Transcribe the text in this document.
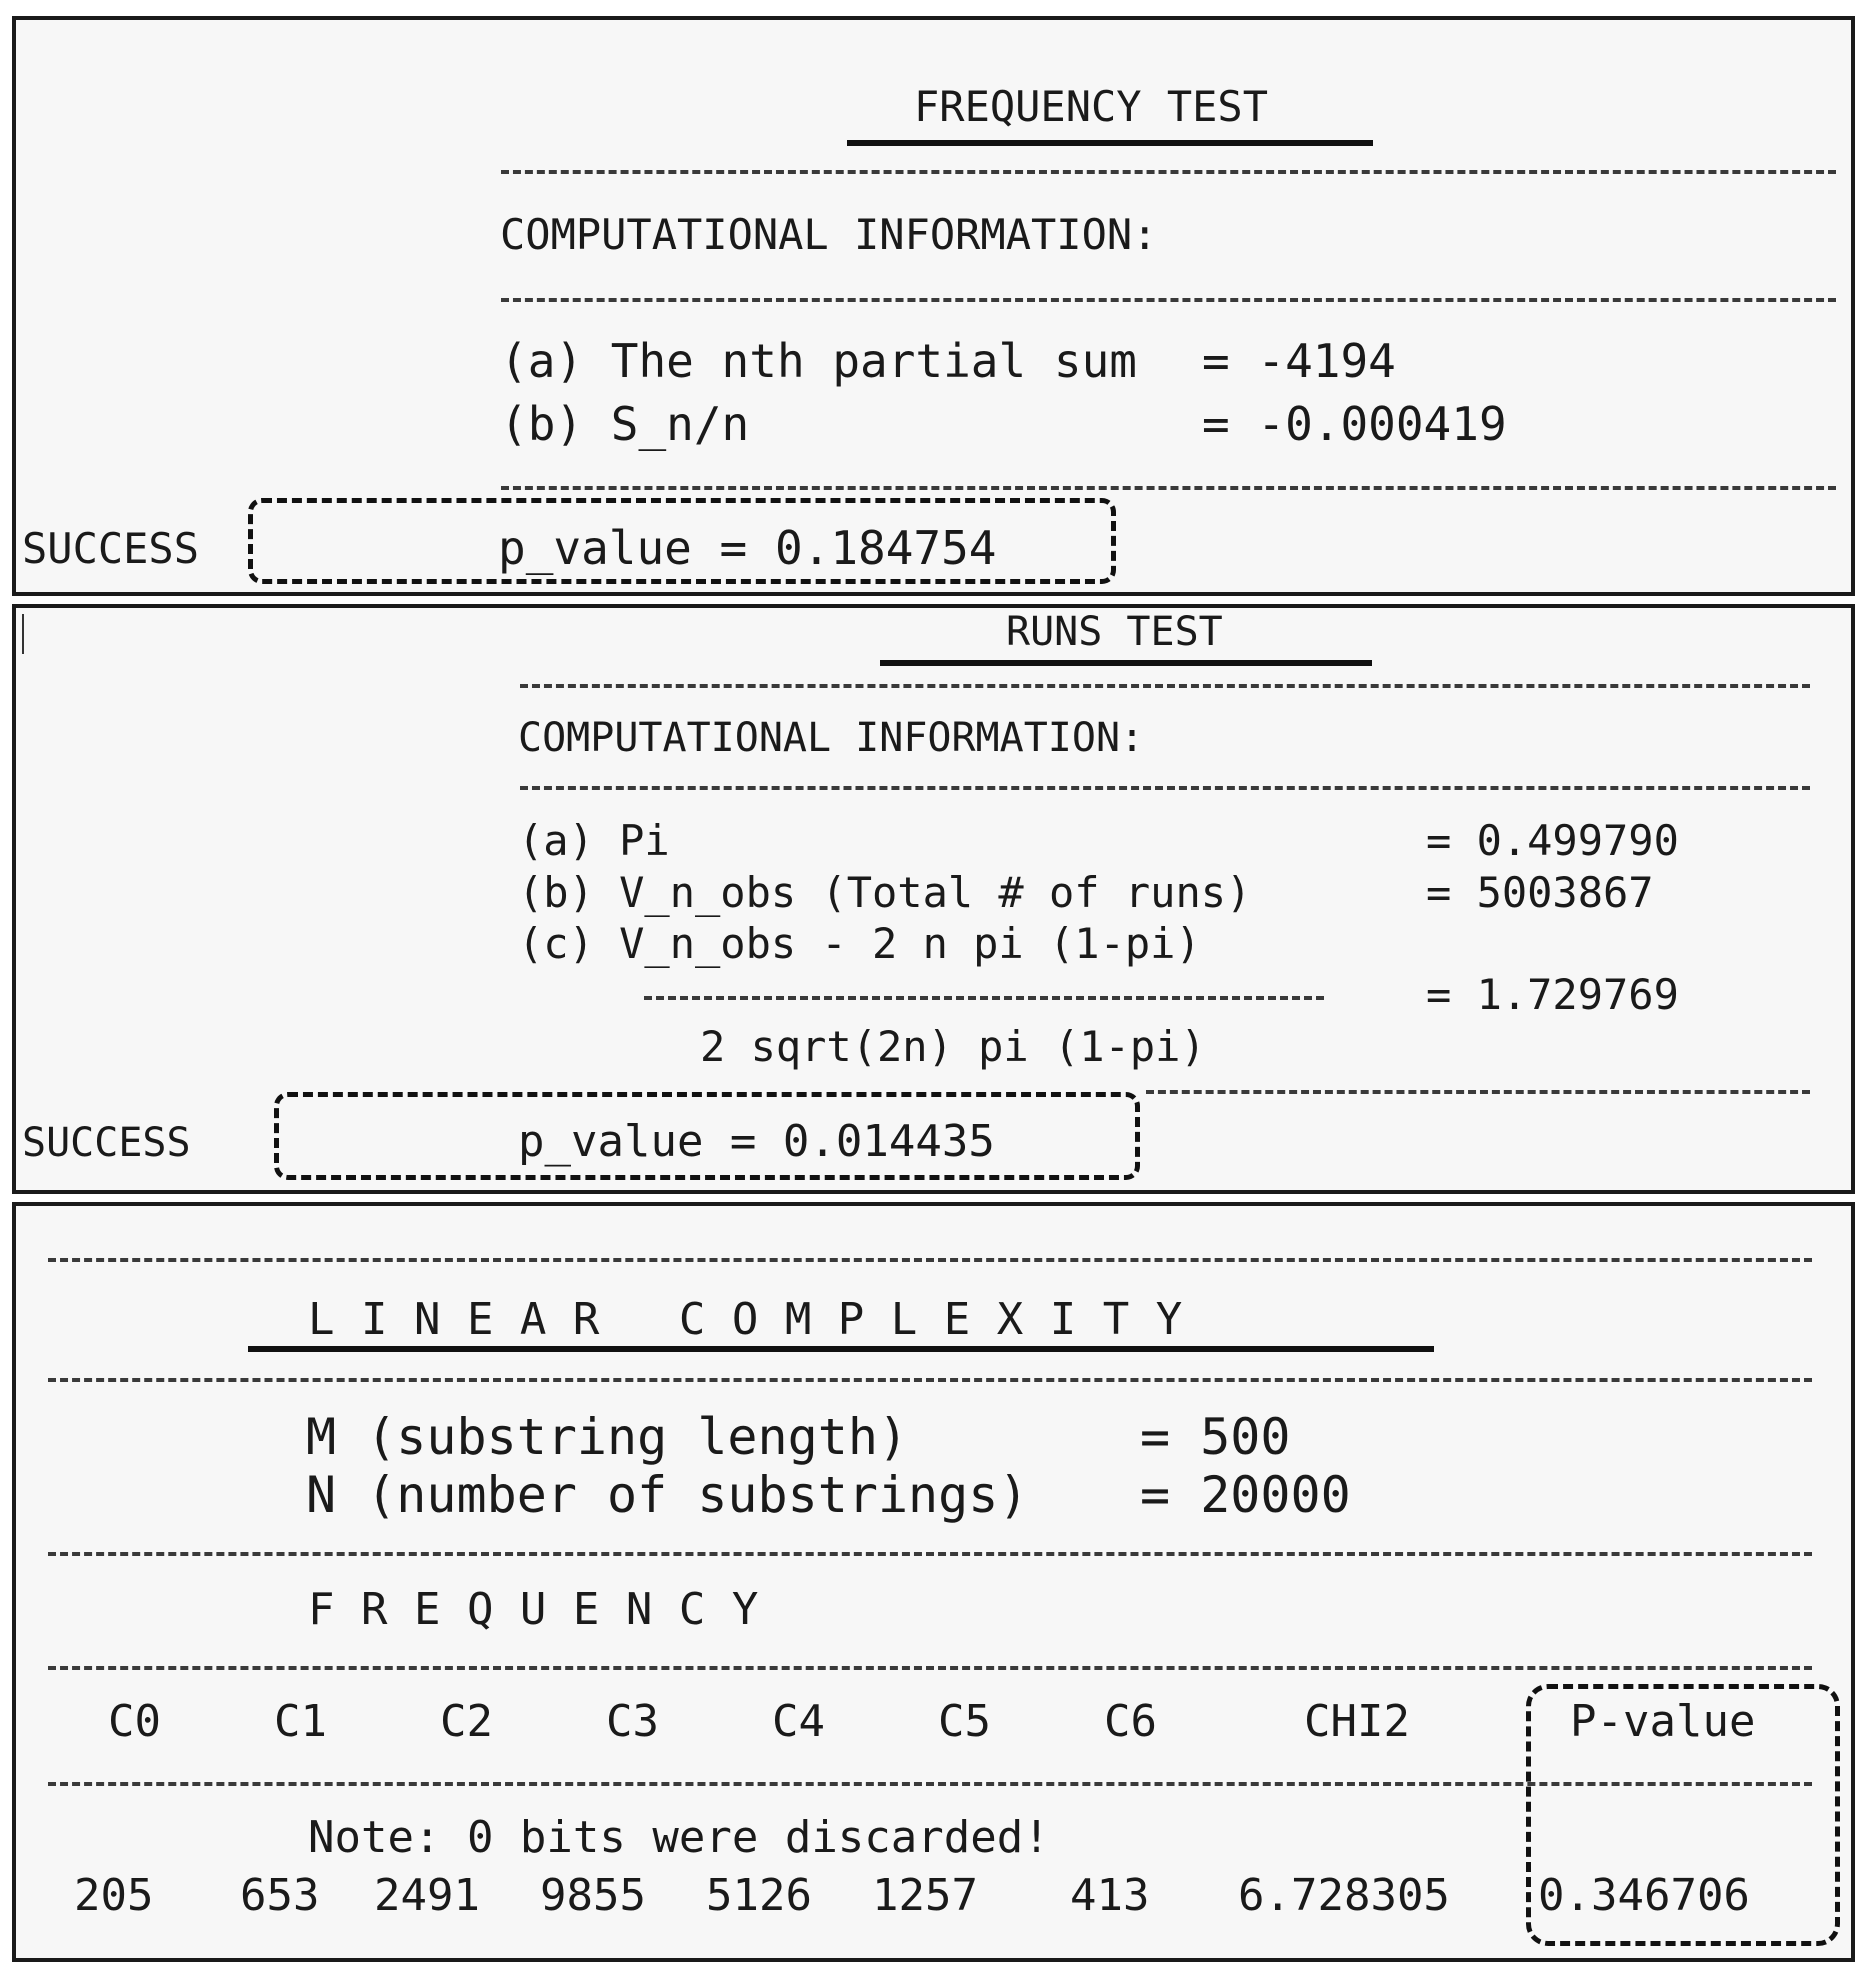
FREQUENCY TEST
COMPUTATIONAL INFORMATION:
(a) The nth partial sum = -4194
(b) S_n/n	= -0.000419
SUCCESS	p_value = 0.184754
RUNS TEST
COMPUTATIONAL INFORMATION:
(a) Pi	= 0.499790
(b) V_n_obs (Total # of runs)	= 5003867
(c) V_n_obs - 2 n pi (1-pi)
= 1.729769
2 sqrt(2n) pi (1-pi)
SUCCESS	p_value = 0.014435
L I N E A R   C O M P L E X I T Y
M (substring length)	= 500
N (number of substrings) = 20000
F R E Q U E N C Y
C0	C1	C2	C3	C4	C5	C6	CHI2	P-value
Note: 0 bits were discarded!
205 653 2491 9855 5126 1257 413 6.728305 0.346706
